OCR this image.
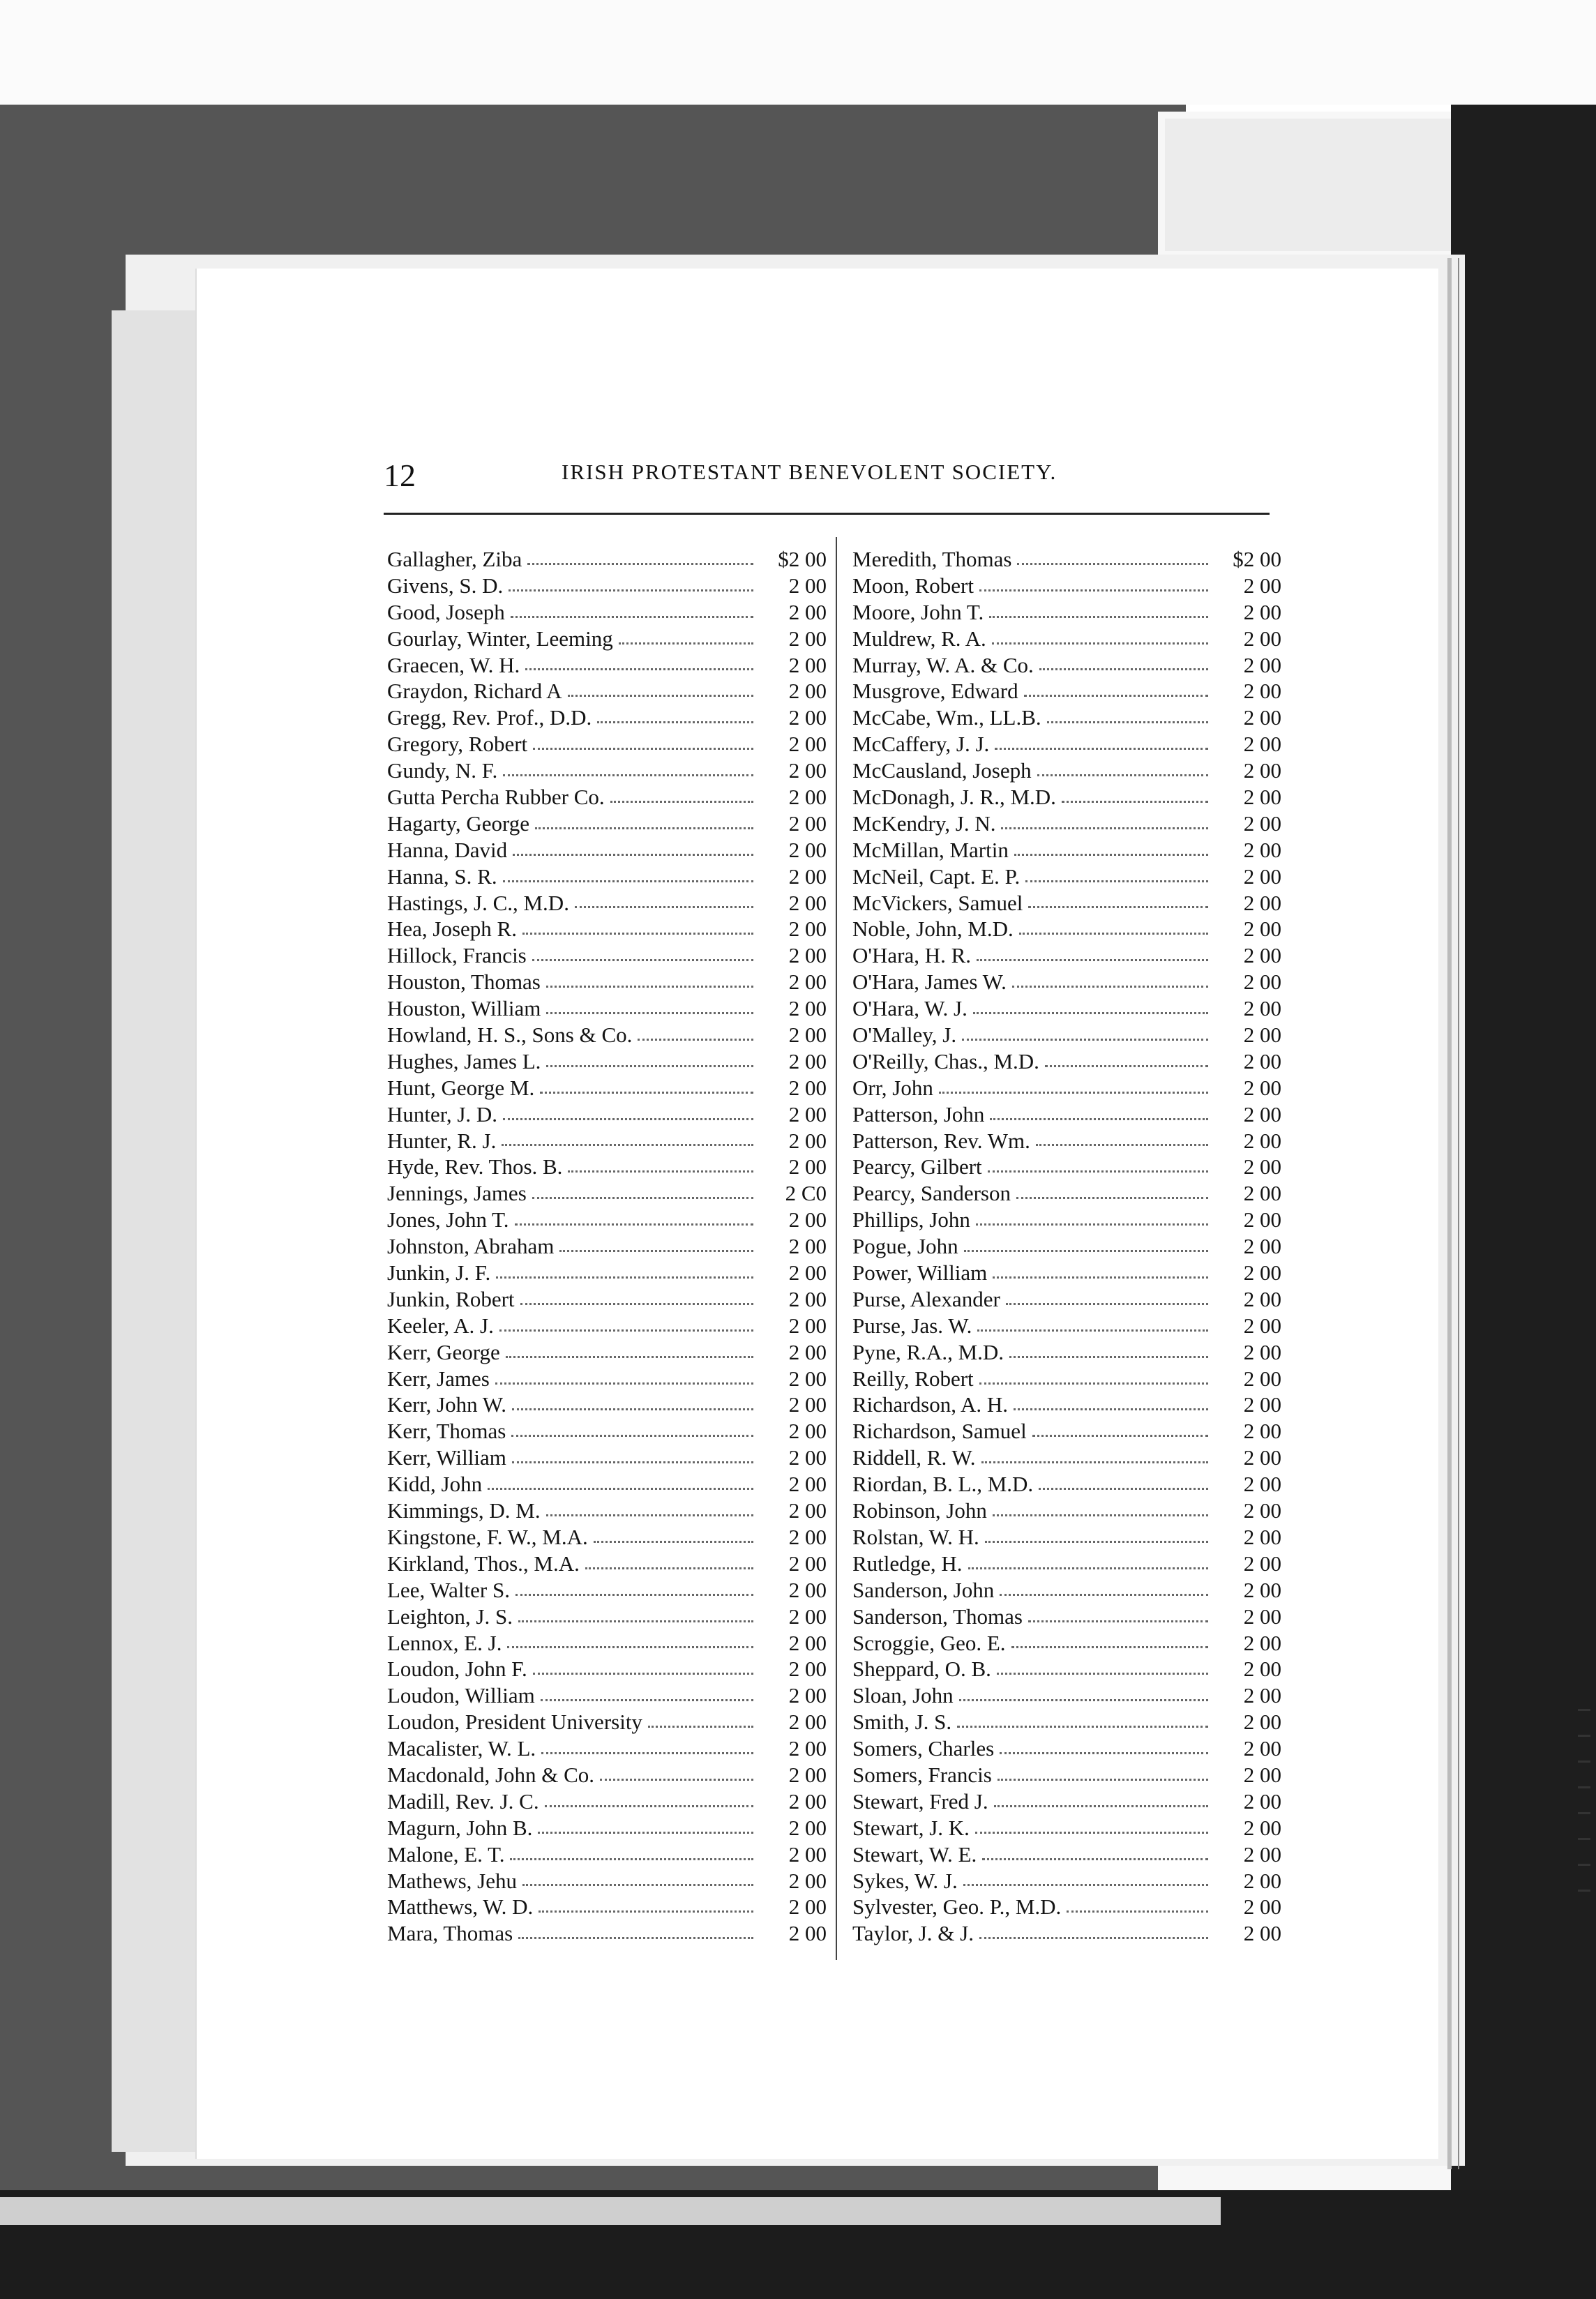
12	IRISH PROTESTANT BENEVOLENT SOCIETY.
Gallagher, Ziba	$2 00
Givens, S. D.	2 00
Good, Joseph	2 00
Gourlay, Winter, Leeming	2 00
Graecen, W. H.	2 00
Graydon, Richard A	2 00
Gregg, Rev. Prof., D.D.	2 00
Gregory, Robert	2 00
Gundy, N. F.	2 00
Gutta Percha Rubber Co.	2 00
Hagarty, George	2 00
Hanna, David	2 00
Hanna, S. R.	2 00
Hastings, J. C., M.D.	2 00
Hea, Joseph R.	2 00
Hillock, Francis	2 00
Houston, Thomas	2 00
Houston, William	2 00
Howland, H. S., Sons & Co.	2 00
Hughes, James L.	2 00
Hunt, George M.	2 00
Hunter, J. D.	2 00
Hunter, R. J.	2 00
Hyde, Rev. Thos. B.	2 00
Jennings, James	2 C0
Jones, John T.	2 00
Johnston, Abraham	2 00
Junkin, J. F.	2 00
Junkin, Robert	2 00
Keeler, A. J.	2 00
Kerr, George	2 00
Kerr, James	2 00
Kerr, John W.	2 00
Kerr, Thomas	2 00
Kerr, William	2 00
Kidd, John	2 00
Kimmings, D. M.	2 00
Kingstone, F. W., M.A.	2 00
Kirkland, Thos., M.A.	2 00
Lee, Walter S.	2 00
Leighton, J. S.	2 00
Lennox, E. J.	2 00
Loudon, John F.	2 00
Loudon, William	2 00
Loudon, President University	2 00
Macalister, W. L.	2 00
Macdonald, John & Co.	2 00
Madill, Rev. J. C.	2 00
Magurn, John B.	2 00
Malone, E. T.	2 00
Mathews, Jehu	2 00
Matthews, W. D.	2 00
Mara, Thomas	2 00
Meredith, Thomas	$2 00
Moon, Robert	2 00
Moore, John T.	2 00
Muldrew, R. A.	2 00
Murray, W. A. & Co.	2 00
Musgrove, Edward	2 00
McCabe, Wm., LL.B.	2 00
McCaffery, J. J.	2 00
McCausland, Joseph	2 00
McDonagh, J. R., M.D.	2 00
McKendry, J. N.	2 00
McMillan, Martin	2 00
McNeil, Capt. E. P.	2 00
McVickers, Samuel	2 00
Noble, John, M.D.	2 00
O'Hara, H. R.	2 00
O'Hara, James W.	2 00
O'Hara, W. J.	2 00
O'Malley, J.	2 00
O'Reilly, Chas., M.D.	2 00
Orr, John	2 00
Patterson, John	2 00
Patterson, Rev. Wm.	2 00
Pearcy, Gilbert	2 00
Pearcy, Sanderson	2 00
Phillips, John	2 00
Pogue, John	2 00
Power, William	2 00
Purse, Alexander	2 00
Purse, Jas. W.	2 00
Pyne, R.A., M.D.	2 00
Reilly, Robert	2 00
Richardson, A. H.	2 00
Richardson, Samuel	2 00
Riddell, R. W.	2 00
Riordan, B. L., M.D.	2 00
Robinson, John	2 00
Rolstan, W. H.	2 00
Rutledge, H.	2 00
Sanderson, John	2 00
Sanderson, Thomas	2 00
Scroggie, Geo. E.	2 00
Sheppard, O. B.	2 00
Sloan, John	2 00
Smith, J. S.	2 00
Somers, Charles	2 00
Somers, Francis	2 00
Stewart, Fred J.	2 00
Stewart, J. K.	2 00
Stewart, W. E.	2 00
Sykes, W. J.	2 00
Sylvester, Geo. P., M.D.	2 00
Taylor, J. & J.	2 00
